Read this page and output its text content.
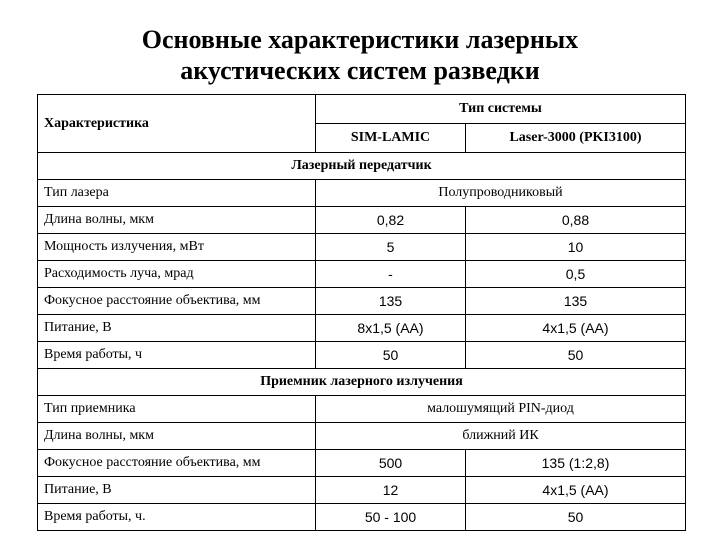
Основные характеристики лазерных
акустических систем разведки
Характеристика	Тип системы	
	SIM-LAMIC	Laser-3000 (PKI3100)
Лазерный передатчик		
Тип лазера	Полупроводниковый	
Длина волны, мкм	0,82	0,88
Мощность излучения, мВт	5	10
Расходимость луча, мрад	-	0,5
Фокусное расстояние объектива, мм	135	135
Питание, В	8х1,5 (АА)	4х1,5 (АА)
Время работы, ч	50	50
Приемник лазерного излучения		
Тип приемника	малошумящий PIN-диод	
Длина волны, мкм	ближний ИК	
Фокусное расстояние объектива, мм	500	135 (1:2,8)
Питание, В	12	4х1,5 (АА)
Время работы, ч.	50 - 100	50
